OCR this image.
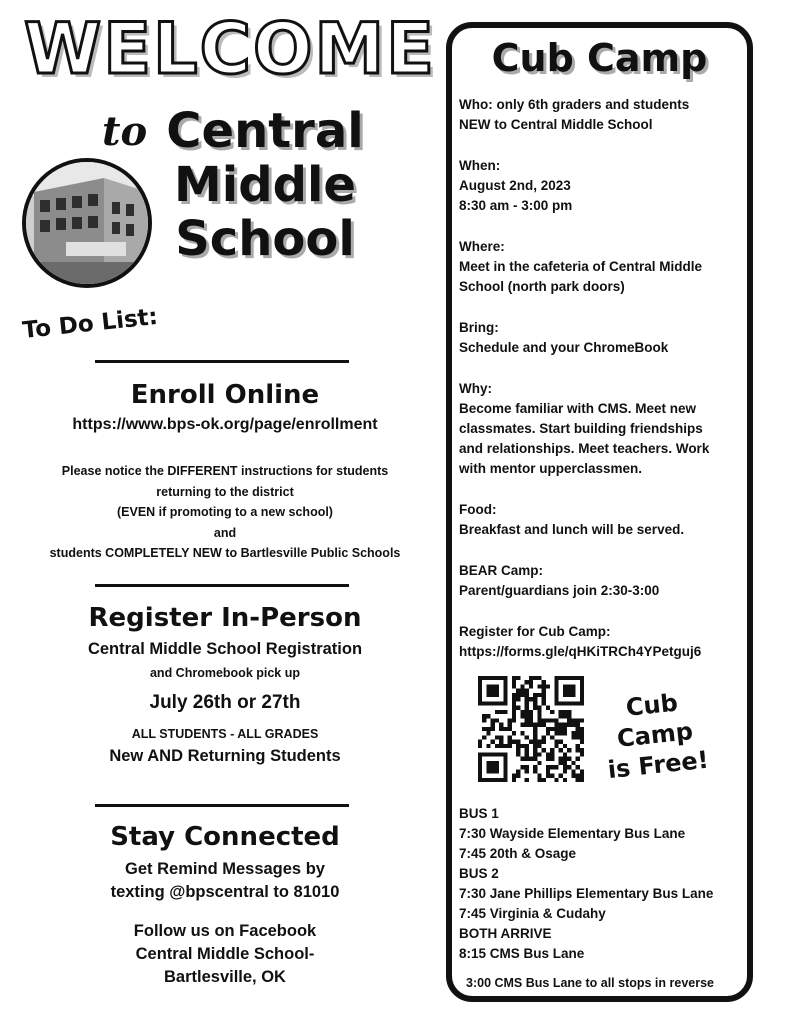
WELCOME
to Central
Middle
School
To Do List:
Enroll Online
https://www.bps-ok.org/page/enrollment
Please notice the DIFFERENT instructions for students
returning to the district
(EVEN if promoting to a new school)
and
students COMPLETELY NEW to Bartlesville Public Schools
Register In-Person
Central Middle School Registration
and Chromebook pick up
July 26th or 27th
ALL STUDENTS - ALL GRADES
New AND Returning Students
Stay Connected
Get Remind Messages by
texting @bpscentral to 81010
Follow us on Facebook
Central Middle School-
Bartlesville, OK
Cub Camp
Who: only 6th graders and students
NEW to Central Middle School
When:
August 2nd, 2023
8:30 am - 3:00 pm
Where:
Meet in the cafeteria of Central Middle
School (north park doors)
Bring:
Schedule and your ChromeBook
Why:
Become familiar with CMS. Meet new
classmates. Start building friendships
and relationships. Meet teachers. Work
with mentor upperclassmen.
Food:
Breakfast and lunch will be served.
BEAR Camp:
Parent/guardians join 2:30-3:00
Register for Cub Camp:
https://forms.gle/qHKiTRCh4YPetguj6
Cub Camp
is Free!
BUS 1
7:30 Wayside Elementary Bus Lane
7:45 20th & Osage
BUS 2
7:30 Jane Phillips Elementary Bus Lane
7:45 Virginia & Cudahy
BOTH ARRIVE
8:15 CMS Bus Lane
3:00 CMS Bus Lane to all stops in reverse
